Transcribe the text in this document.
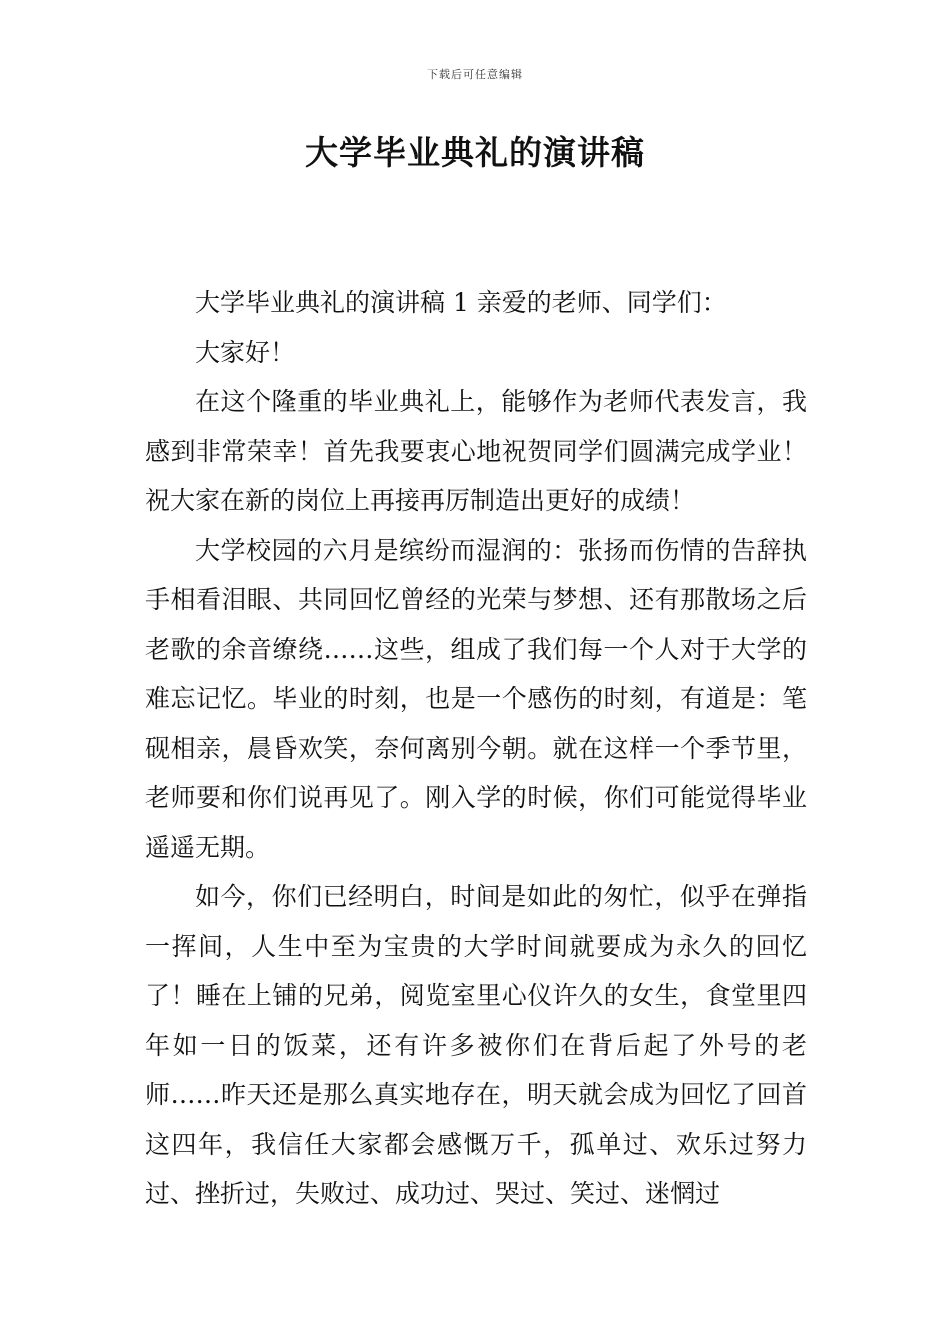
下载后可任意编辑
大学毕业典礼的演讲稿

大学毕业典礼的演讲稿 1 亲爱的老师、同学们：

大家好！

在这个隆重的毕业典礼上，能够作为老师代表发言，我感到非常荣幸！首先我要衷心地祝贺同学们圆满完成学业！祝大家在新的岗位上再接再厉制造出更好的成绩！

大学校园的六月是缤纷而湿润的：张扬而伤情的告辞执手相看泪眼、共同回忆曾经的光荣与梦想、还有那散场之后老歌的余音缭绕……这些，组成了我们每一个人对于大学的难忘记忆。毕业的时刻，也是一个感伤的时刻，有道是：笔砚相亲，晨昏欢笑，奈何离别今朝。就在这样一个季节里，老师要和你们说再见了。刚入学的时候，你们可能觉得毕业遥遥无期。

如今，你们已经明白，时间是如此的匆忙，似乎在弹指一挥间，人生中至为宝贵的大学时间就要成为永久的回忆了！睡在上铺的兄弟，阅览室里心仪许久的女生，食堂里四年如一日的饭菜，还有许多被你们在背后起了外号的老师……昨天还是那么真实地存在，明天就会成为回忆了回首这四年，我信任大家都会感慨万千，孤单过、欢乐过努力过、挫折过，失败过、成功过、哭过、笑过、迷惘过
